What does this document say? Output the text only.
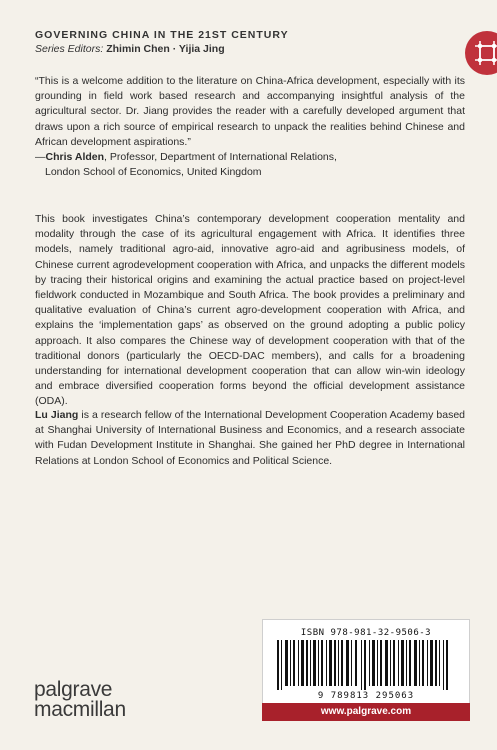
GOVERNING CHINA IN THE 21ST CENTURY
Series Editors: Zhimin Chen · Yijia Jing

“This is a welcome addition to the literature on China-Africa development, especially with its grounding in field work based research and accompanying insightful analysis of the agricultural sector. Dr. Jiang provides the reader with a carefully developed argument that draws upon a rich source of empirical research to unpack the realities behind Chinese and African development aspirations.”

—Chris Alden, Professor, Department of International Relations,
London School of Economics, United Kingdom

This book investigates China’s contemporary development cooperation mentality and modality through the case of its agricultural engagement with Africa. It identifies three models, namely traditional agro-aid, innovative agro-aid and agribusiness models, of Chinese current agrodevelopment cooperation with Africa, and unpacks the different models by tracing their historical origins and examining the actual practice based on project-level fieldwork conducted in Mozambique and South Africa. The book provides a preliminary and qualitative evaluation of China’s current agro-development cooperation with Africa, and explains the ‘implementation gaps’ as observed on the ground adopting a public policy approach. It also compares the Chinese way of development cooperation with that of the traditional donors (particularly the OECD-DAC members), and calls for a broadening understanding for international development cooperation that can allow win-win ideology and embrace diversified cooperation forms beyond the official development assistance (ODA).

Lu Jiang is a research fellow of the International Development Cooperation Academy based at Shanghai University of International Business and Economics, and a research associate with Fudan Development Institute in Shanghai. She gained her PhD degree in International Relations at London School of Economics and Political Science.

ISBN 978-981-32-9506-3
9 789813 295063
www.palgrave.com
palgrave
macmillan
